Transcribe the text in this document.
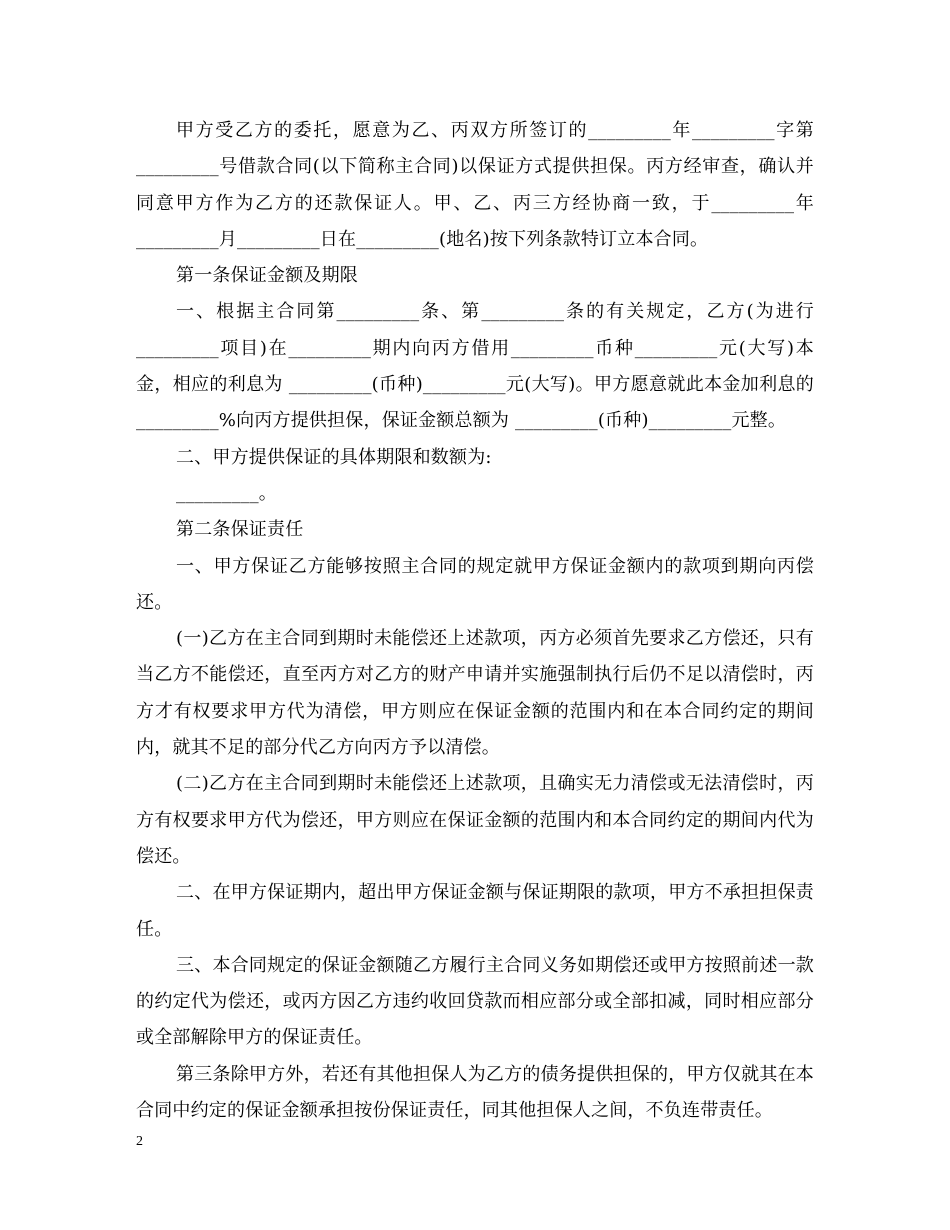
甲方受乙方的委托，愿意为乙、丙双方所签订的_________年_________字第_________号借款合同(以下简称主合同)以保证方式提供担保。丙方经审查，确认并同意甲方作为乙方的还款保证人。甲、乙、丙三方经协商一致，于_________年_________月_________日在_________(地名)按下列条款特订立本合同。

第一条保证金额及期限

一、根据主合同第_________条、第_________条的有关规定，乙方(为进行_________项目)在_________期内向丙方借用_________币种_________元(大写)本金，相应的利息为 _________(币种)_________元(大写)。甲方愿意就此本金加利息的_________%向丙方提供担保，保证金额总额为 _________(币种)_________元整。

二、甲方提供保证的具体期限和数额为:

_________。

第二条保证责任

一、甲方保证乙方能够按照主合同的规定就甲方保证金额内的款项到期向丙偿还。

(一)乙方在主合同到期时未能偿还上述款项，丙方必须首先要求乙方偿还，只有当乙方不能偿还，直至丙方对乙方的财产申请并实施强制执行后仍不足以清偿时，丙方才有权要求甲方代为清偿，甲方则应在保证金额的范围内和在本合同约定的期间内，就其不足的部分代乙方向丙方予以清偿。

(二)乙方在主合同到期时未能偿还上述款项，且确实无力清偿或无法清偿时，丙方有权要求甲方代为偿还，甲方则应在保证金额的范围内和本合同约定的期间内代为偿还。

二、在甲方保证期内，超出甲方保证金额与保证期限的款项，甲方不承担担保责任。

三、本合同规定的保证金额随乙方履行主合同义务如期偿还或甲方按照前述一款的约定代为偿还，或丙方因乙方违约收回贷款而相应部分或全部扣减，同时相应部分或全部解除甲方的保证责任。

第三条除甲方外，若还有其他担保人为乙方的债务提供担保的，甲方仅就其在本合同中约定的保证金额承担按份保证责任，同其他担保人之间，不负连带责任。

2
